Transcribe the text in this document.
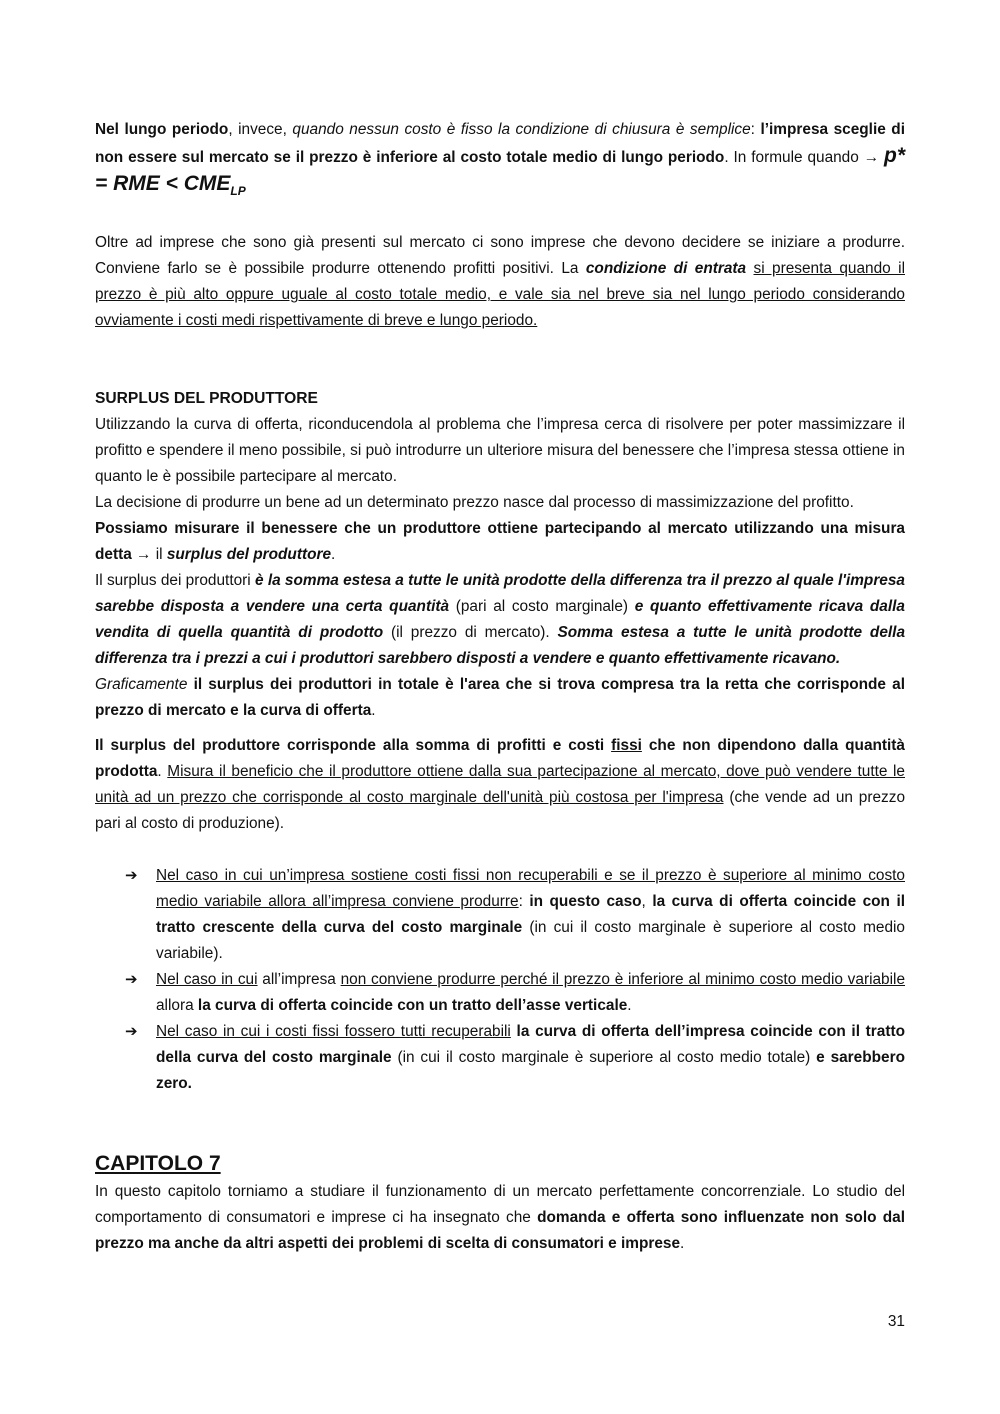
Nel lungo periodo, invece, quando nessun costo è fisso la condizione di chiusura è semplice: l’impresa sceglie di non essere sul mercato se il prezzo è inferiore al costo totale medio di lungo periodo. In formule quando → p* = RME < $CME_{LP}$

Oltre ad imprese che sono già presenti sul mercato ci sono imprese che devono decidere se iniziare a produrre. Conviene farlo se è possibile produrre ottenendo profitti positivi. La condizione di entrata si presenta quando il prezzo è più alto oppure uguale al costo totale medio, e vale sia nel breve sia nel lungo periodo considerando ovviamente i costi medi rispettivamente di breve e lungo periodo.

SURPLUS DEL PRODUTTORE

Utilizzando la curva di offerta, riconducendola al problema che l’impresa cerca di risolvere per poter massimizzare il profitto e spendere il meno possibile, si può introdurre un ulteriore misura del benessere che l’impresa stessa ottiene in quanto le è possibile partecipare al mercato.

La decisione di produrre un bene ad un determinato prezzo nasce dal processo di massimizzazione del profitto.

Possiamo misurare il benessere che un produttore ottiene partecipando al mercato utilizzando una misura detta → il surplus del produttore.

Il surplus dei produttori è la somma estesa a tutte le unità prodotte della differenza tra il prezzo al quale l'impresa sarebbe disposta a vendere una certa quantità (pari al costo marginale) e quanto effettivamente ricava dalla vendita di quella quantità di prodotto (il prezzo di mercato). Somma estesa a tutte le unità prodotte della differenza tra i prezzi a cui i produttori sarebbero disposti a vendere e quanto effettivamente ricavano.

Graficamente il surplus dei produttori in totale è l'area che si trova compresa tra la retta che corrisponde al prezzo di mercato e la curva di offerta.

Il surplus del produttore corrisponde alla somma di profitti e costi fissi che non dipendono dalla quantità prodotta. Misura il beneficio che il produttore ottiene dalla sua partecipazione al mercato, dove può vendere tutte le unità ad un prezzo che corrisponde al costo marginale dell'unità più costosa per l'impresa (che vende ad un prezzo pari al costo di produzione).

➔ Nel caso in cui un’impresa sostiene costi fissi non recuperabili e se il prezzo è superiore al minimo costo medio variabile allora all’impresa conviene produrre: in questo caso, la curva di offerta coincide con il tratto crescente della curva del costo marginale (in cui il costo marginale è superiore al costo medio variabile).
➔ Nel caso in cui all’impresa non conviene produrre perché il prezzo è inferiore al minimo costo medio variabile allora la curva di offerta coincide con un tratto dell’asse verticale.
➔ Nel caso in cui i costi fissi fossero tutti recuperabili la curva di offerta dell’impresa coincide con il tratto della curva del costo marginale (in cui il costo marginale è superiore al costo medio totale) e sarebbero zero.
CAPITOLO 7

In questo capitolo torniamo a studiare il funzionamento di un mercato perfettamente concorrenziale. Lo studio del comportamento di consumatori e imprese ci ha insegnato che domanda e offerta sono influenzate non solo dal prezzo ma anche da altri aspetti dei problemi di scelta di consumatori e imprese.

31
